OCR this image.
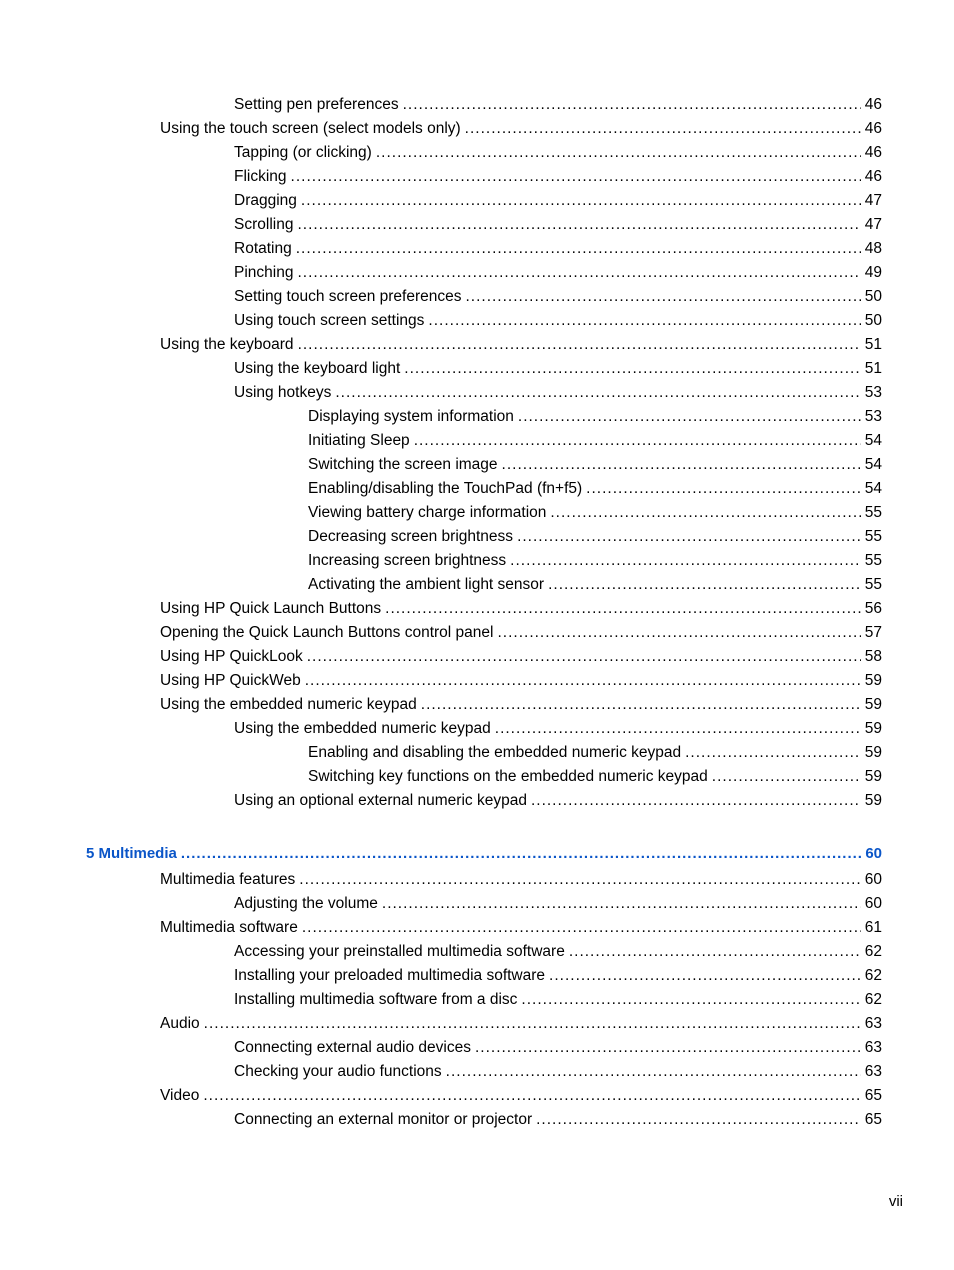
Setting pen preferences .....	46
Using the touch screen (select models only) .....	46
Tapping (or clicking) .....	46
Flicking .....	46
Dragging .....	47
Scrolling .....	47
Rotating .....	48
Pinching .....	49
Setting touch screen preferences .....	50
Using touch screen settings .....	50
Using the keyboard .....	51
Using the keyboard light .....	51
Using hotkeys .....	53
Displaying system information .....	53
Initiating Sleep .....	54
Switching the screen image .....	54
Enabling/disabling the TouchPad (fn+f5) .....	54
Viewing battery charge information .....	55
Decreasing screen brightness .....	55
Increasing screen brightness .....	55
Activating the ambient light sensor .....	55
Using HP Quick Launch Buttons .....	56
Opening the Quick Launch Buttons control panel .....	57
Using HP QuickLook .....	58
Using HP QuickWeb .....	59
Using the embedded numeric keypad .....	59
Using the embedded numeric keypad .....	59
Enabling and disabling the embedded numeric keypad .....	59
Switching key functions on the embedded numeric keypad .....	59
Using an optional external numeric keypad .....	59
5 Multimedia .....	60
Multimedia features .....	60
Adjusting the volume .....	60
Multimedia software .....	61
Accessing your preinstalled multimedia software .....	62
Installing your preloaded multimedia software .....	62
Installing multimedia software from a disc .....	62
Audio .....	63
Connecting external audio devices .....	63
Checking your audio functions .....	63
Video .....	65
Connecting an external monitor or projector .....	65
vii
